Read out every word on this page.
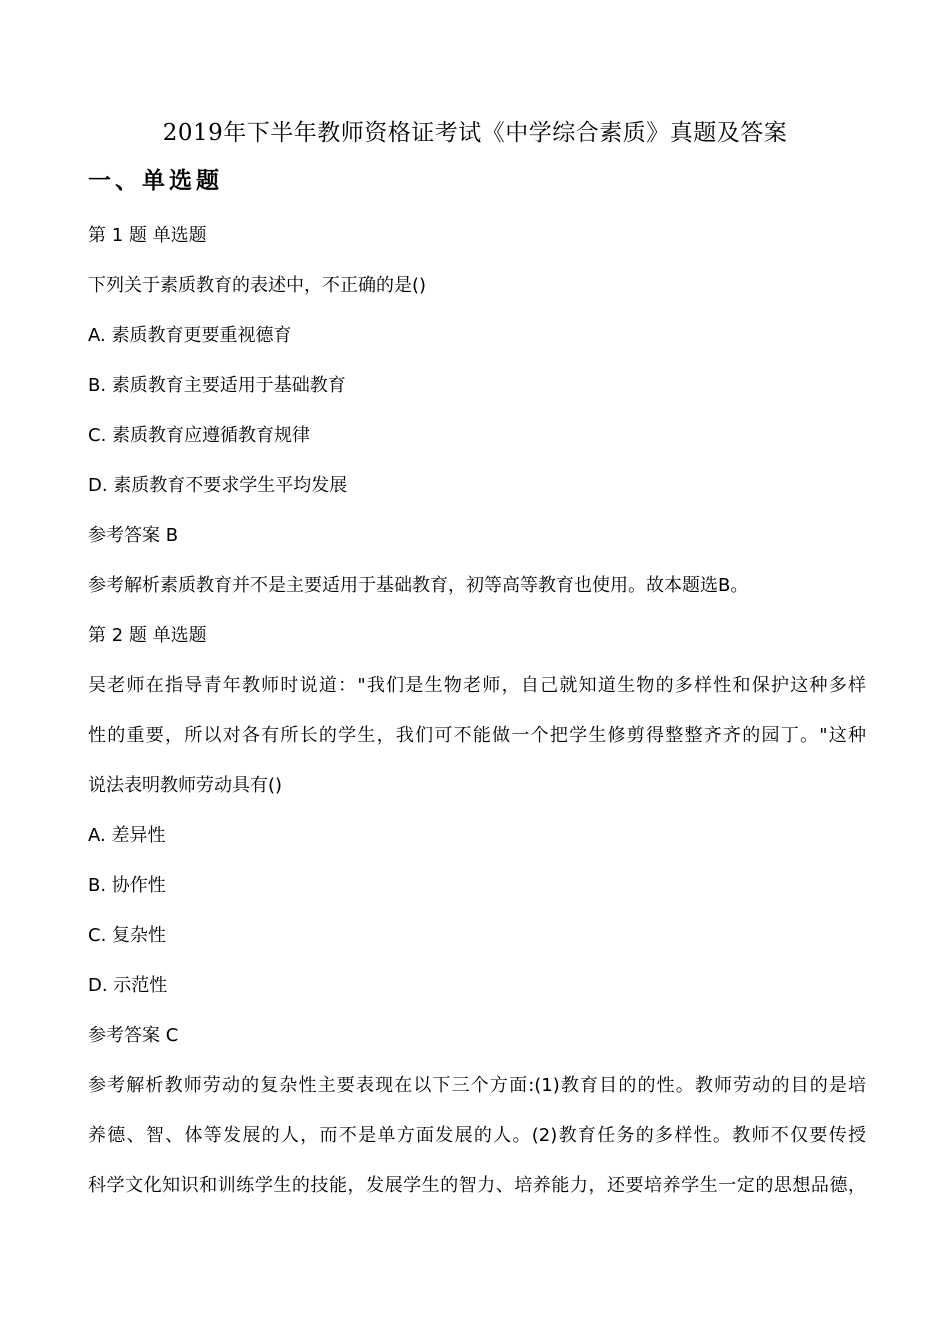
2019年下半年教师资格证考试《中学综合素质》真题及答案
一、单选题
第 1 题 单选题
下列关于素质教育的表述中，不正确的是()
A. 素质教育更要重视德育
B. 素质教育主要适用于基础教育
C. 素质教育应遵循教育规律
D. 素质教育不要求学生平均发展
参考答案 B
参考解析素质教育并不是主要适用于基础教育，初等高等教育也使用。故本题选B。
第 2 题 单选题
吴老师在指导青年教师时说道："我们是生物老师，自己就知道生物的多样性和保护这种多样
性的重要，所以对各有所长的学生，我们可不能做一个把学生修剪得整整齐齐的园丁。"这种
说法表明教师劳动具有()
A. 差异性
B. 协作性
C. 复杂性
D. 示范性
参考答案 C
参考解析教师劳动的复杂性主要表现在以下三个方面:(1)教育目的的性。教师劳动的目的是培
养德、智、体等发展的人，而不是单方面发展的人。(2)教育任务的多样性。教师不仅要传授
科学文化知识和训练学生的技能，发展学生的智力、培养能力，还要培养学生一定的思想品德，
